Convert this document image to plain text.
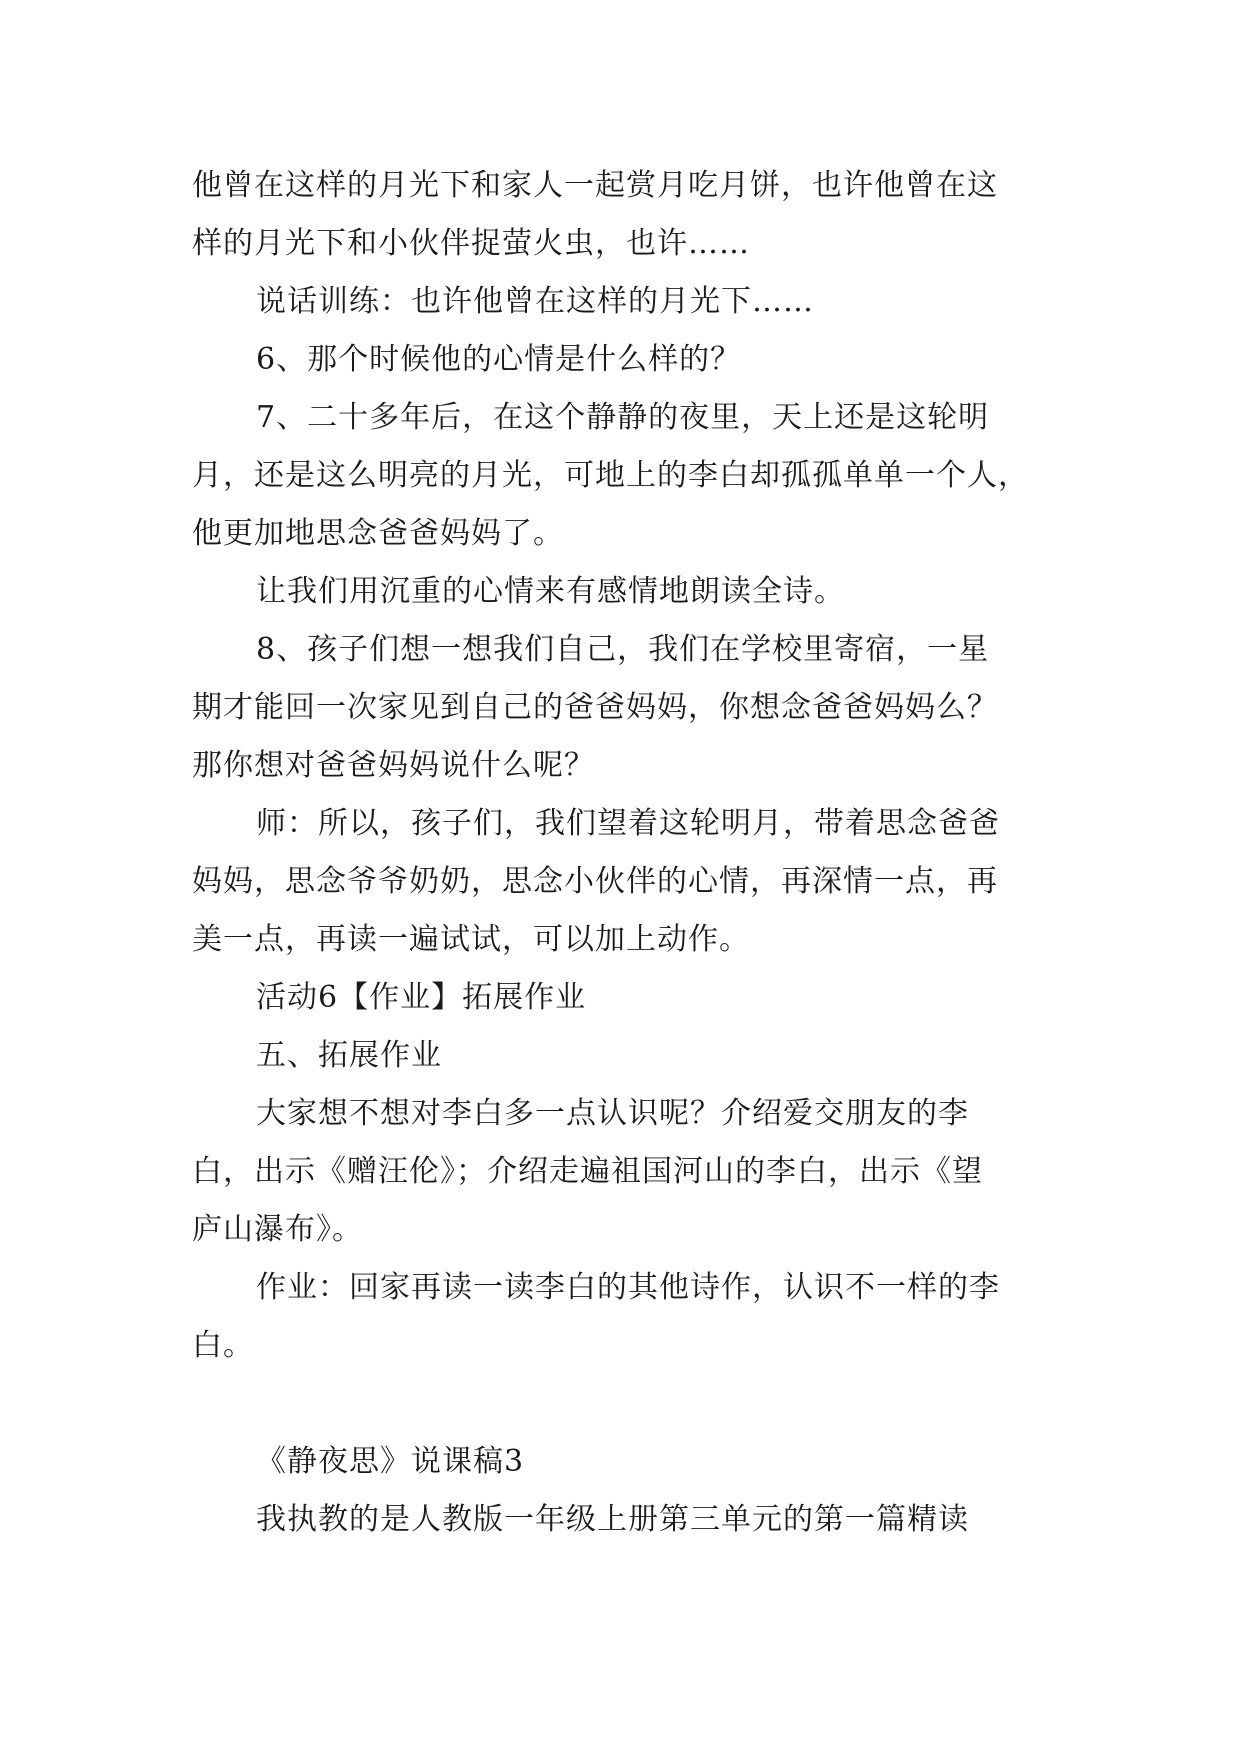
他曾在这样的月光下和家人一起赏月吃月饼，也许他曾在这
样的月光下和小伙伴捉萤火虫，也许……
说话训练：也许他曾在这样的月光下……
6、那个时候他的心情是什么样的？
7、二十多年后，在这个静静的夜里，天上还是这轮明
月，还是这么明亮的月光，可地上的李白却孤孤单单一个人，
他更加地思念爸爸妈妈了。
让我们用沉重的心情来有感情地朗读全诗。
8、孩子们想一想我们自己，我们在学校里寄宿，一星
期才能回一次家见到自己的爸爸妈妈，你想念爸爸妈妈么？
那你想对爸爸妈妈说什么呢？
师：所以，孩子们，我们望着这轮明月，带着思念爸爸
妈妈，思念爷爷奶奶，思念小伙伴的心情，再深情一点，再
美一点，再读一遍试试，可以加上动作。
活动6【作业】拓展作业
五、拓展作业
大家想不想对李白多一点认识呢？介绍爱交朋友的李
白，出示《赠汪伦》；介绍走遍祖国河山的李白，出示《望
庐山瀑布》。
作业：回家再读一读李白的其他诗作，认识不一样的李
白。
《静夜思》说课稿3
我执教的是人教版一年级上册第三单元的第一篇精读
